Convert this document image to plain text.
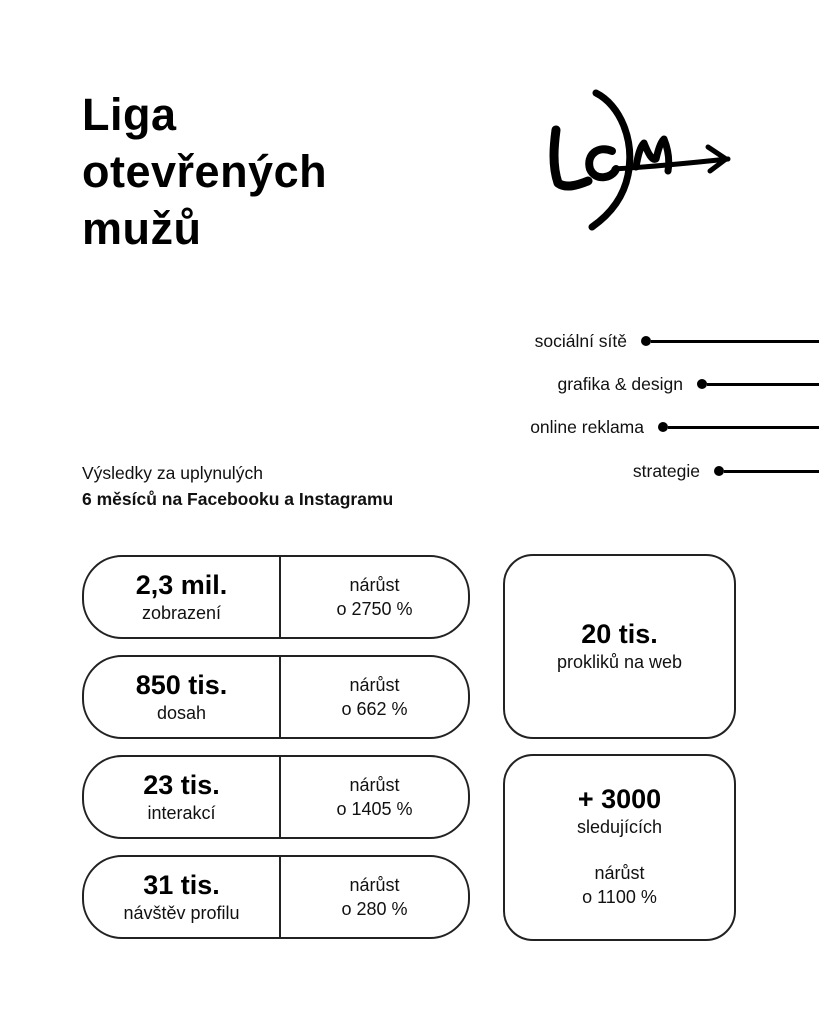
Liga
otevřených
mužů
sociální sítě
grafika & design
online reklama
strategie
Výsledky za uplynulých
6 měsíců na Facebooku a Instagramu
2,3 mil.
zobrazení
nárůst
o 2750 %
850 tis.
dosah
nárůst
o 662 %
23 tis.
interakcí
nárůst
o 1405 %
31 tis.
návštěv profilu
nárůst
o 280 %
20 tis.
prokliků na web
+ 3000
sledujících
nárůst
o 1100 %
